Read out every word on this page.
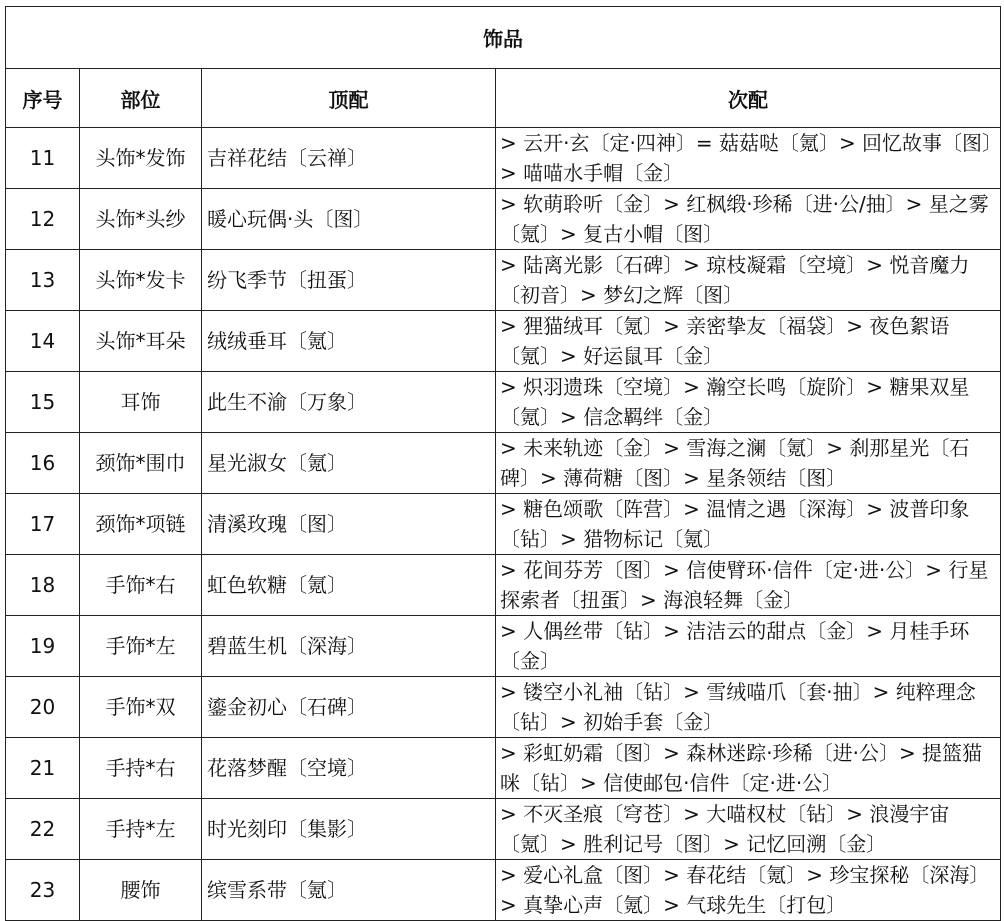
饰品			
序号	部位	顶配	次配
11	头饰*发饰	吉祥花结〔云禅〕	> 云开·玄〔定·四神〕= 菇菇哒〔氪〕> 回忆故事〔图〕> 喵喵水手帽〔金〕
12	头饰*头纱	暖心玩偶·头〔图〕	> 软萌聆听〔金〕> 红枫缎·珍稀〔进·公/抽〕> 星之雾〔氪〕> 复古小帽〔图〕
13	头饰*发卡	纷飞季节〔扭蛋〕	> 陆离光影〔石碑〕> 琼枝凝霜〔空境〕> 悦音魔力〔初音〕> 梦幻之辉〔图〕
14	头饰*耳朵	绒绒垂耳〔氪〕	> 狸猫绒耳〔氪〕> 亲密挚友〔福袋〕> 夜色絮语〔氪〕> 好运鼠耳〔金〕
15	耳饰	此生不渝〔万象〕	> 炽羽遗珠〔空境〕> 瀚空长鸣〔旋阶〕> 糖果双星〔氪〕> 信念羁绊〔金〕
16	颈饰*围巾	星光淑女〔氪〕	> 未来轨迹〔金〕> 雪海之澜〔氪〕> 刹那星光〔石碑〕> 薄荷糖〔图〕> 星条领结〔图〕
17	颈饰*项链	清溪玫瑰〔图〕	> 糖色颂歌〔阵营〕> 温情之遇〔深海〕> 波普印象〔钻〕> 猎物标记〔氪〕
18	手饰*右	虹色软糖〔氪〕	> 花间芬芳〔图〕> 信使臂环·信件〔定·进·公〕> 行星探索者〔扭蛋〕> 海浪轻舞〔金〕
19	手饰*左	碧蓝生机〔深海〕	> 人偶丝带〔钻〕> 洁洁云的甜点〔金〕> 月桂手环〔金〕
20	手饰*双	鎏金初心〔石碑〕	> 镂空小礼袖〔钻〕> 雪绒喵爪〔套·抽〕> 纯粹理念〔钻〕> 初始手套〔金〕
21	手持*右	花落梦醒〔空境〕	> 彩虹奶霜〔图〕> 森林迷踪·珍稀〔进·公〕> 提篮猫咪〔钻〕> 信使邮包·信件〔定·进·公〕
22	手持*左	时光刻印〔集影〕	> 不灭圣痕〔穹苍〕> 大喵权杖〔钻〕> 浪漫宇宙〔氪〕> 胜利记号〔图〕> 记忆回溯〔金〕
23	腰饰	缤雪系带〔氪〕	> 爱心礼盒〔图〕> 春花结〔氪〕> 珍宝探秘〔深海〕> 真挚心声〔氪〕> 气球先生〔打包〕
